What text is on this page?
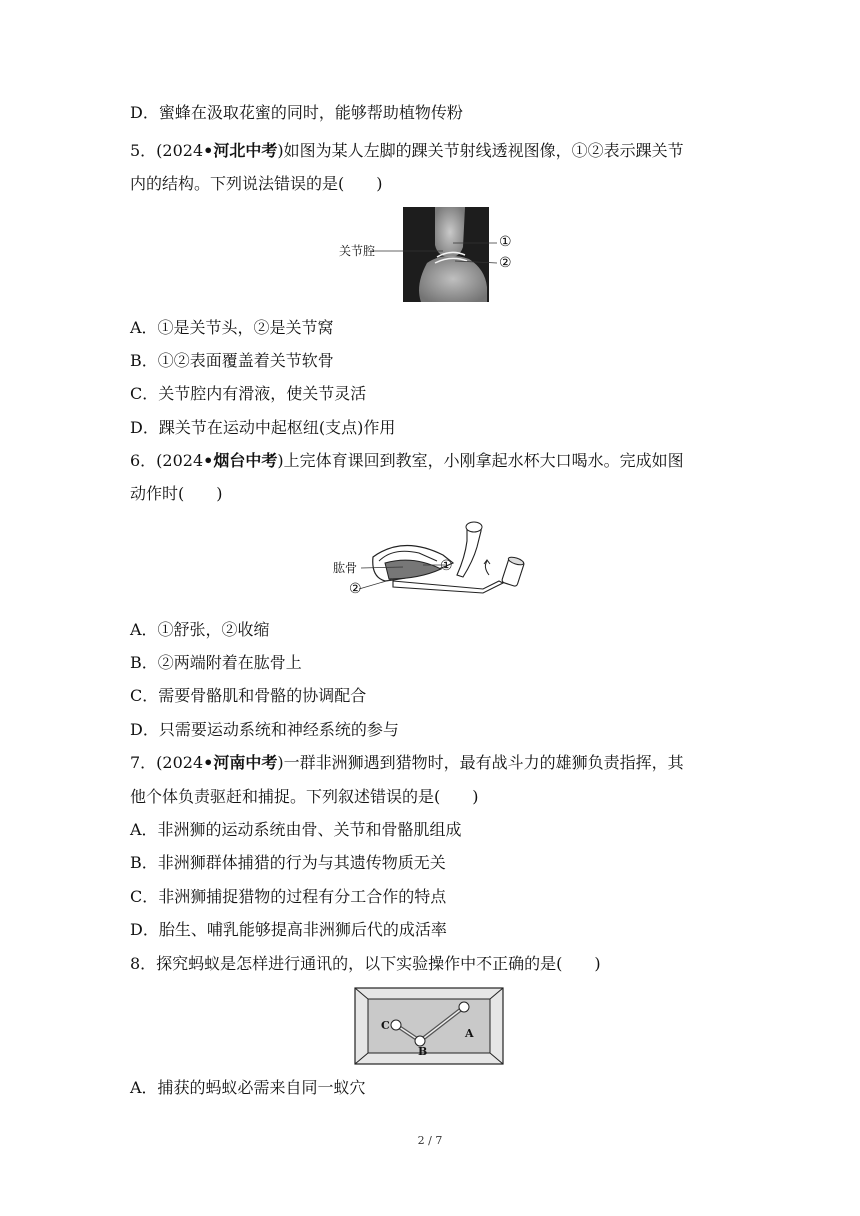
D．蜜蜂在汲取花蜜的同时，能够帮助植物传粉
5．(2024•河北中考)如图为某人左脚的踝关节射线透视图像，①②表示踝关节
内的结构。下列说法错误的是(　　)
关节腔
①
②
A．①是关节头，②是关节窝
B．①②表面覆盖着关节软骨
C．关节腔内有滑液，使关节灵活
D．踝关节在运动中起枢纽(支点)作用
6．(2024•烟台中考)上完体育课回到教室，小刚拿起水杯大口喝水。完成如图
动作时(　　)
肱骨	①
②
A．①舒张，②收缩
B．②两端附着在肱骨上
C．需要骨骼肌和骨骼的协调配合
D．只需要运动系统和神经系统的参与
7．(2024•河南中考)一群非洲狮遇到猎物时，最有战斗力的雄狮负责指挥，其
他个体负责驱赶和捕捉。下列叙述错误的是(　　)
A．非洲狮的运动系统由骨、关节和骨骼肌组成
B．非洲狮群体捕猎的行为与其遗传物质无关
C．非洲狮捕捉猎物的过程有分工合作的特点
D．胎生、哺乳能够提高非洲狮后代的成活率
8．探究蚂蚁是怎样进行通讯的，以下实验操作中不正确的是(　　)
C
B
A
A．捕获的蚂蚁必需来自同一蚁穴
2 / 7
